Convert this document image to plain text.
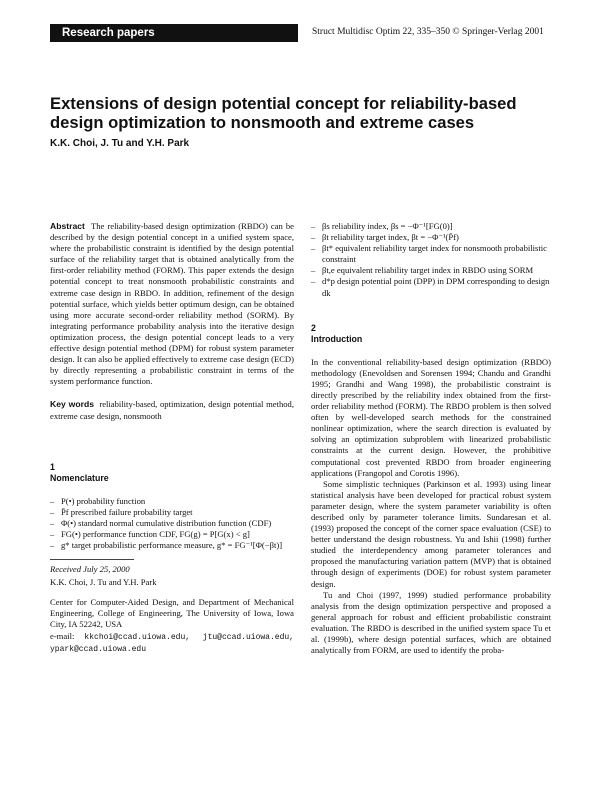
Research papers	Struct Multidisc Optim 22, 335–350 © Springer-Verlag 2001
Extensions of design potential concept for reliability-based design optimization to nonsmooth and extreme cases
K.K. Choi, J. Tu and Y.H. Park

Abstract The reliability-based design optimization (RBDO) can be described by the design potential concept in a unified system space, where the probabilistic constraint is identified by the design potential surface of the reliability target that is obtained analytically from the first-order reliability method (FORM). This paper extends the design potential concept to treat nonsmooth probabilistic constraints and extreme case design in RBDO. In addition, refinement of the design potential surface, which yields better optimum design, can be obtained using more accurate second-order reliability method (SORM). By integrating performance probability analysis into the iterative design optimization process, the design potential concept leads to a very effective design potential method (DPM) for robust system parameter design. It can also be applied effectively to extreme case design (ECD) by directly representing a probabilistic constraint in terms of the system performance function.

Key words reliability-based, optimization, design potential method, extreme case design, nonsmooth

1
Nomenclature
– P(•) probability function
– P̄f prescribed failure probability target
– Φ(•) standard normal cumulative distribution function (CDF)
– FG(•) performance function CDF, FG(g) = P[G(x) < g]
– g* target probabilistic performance measure, g* = FG⁻¹[Φ(−βt)]
Received July 25, 2000
K.K. Choi, J. Tu and Y.H. Park

Center for Computer-Aided Design, and Department of Mechanical Engineering, College of Engineering, The University of Iowa, Iowa City, IA 52242, USA

e-mail: kkchoi@ccad.uiowa.edu, jtu@ccad.uiowa.edu, ypark@ccad.uiowa.edu

– βs reliability index, βs = −Φ⁻¹[FG(0)]
– βt reliability target index, βt = −Φ⁻¹(P̄f)
– βt* equivalent reliability target index for nonsmooth probabilistic constraint
– βt,e equivalent reliability target index in RBDO using SORM
– d*p design potential point (DPP) in DPM corresponding to design dk
2
Introduction

In the conventional reliability-based design optimization (RBDO) methodology (Enevoldsen and Sorensen 1994; Chandu and Grandhi 1995; Grandhi and Wang 1998), the probabilistic constraint is directly prescribed by the reliability index obtained from the first-order reliability method (FORM). The RBDO problem is then solved often by well-developed search methods for the constrained nonlinear optimization, where the search direction is evaluated by solving an optimization subproblem with linearized probabilistic constraints at the current design. However, the prohibitive computational cost prevented RBDO from broader engineering applications (Frangopol and Corotis 1996).

Some simplistic techniques (Parkinson et al. 1993) using linear statistical analysis have been developed for practical robust system parameter design, where the system parameter variability is often described only by parameter tolerance limits. Sundaresan et al. (1993) proposed the concept of the corner space evaluation (CSE) to better understand the design robustness. Yu and Ishii (1998) further studied the interdependency among parameter tolerances and proposed the manufacturing variation pattern (MVP) that is obtained through design of experiments (DOE) for robust system parameter design.

Tu and Choi (1997, 1999) studied performance probability analysis from the design optimization perspective and proposed a general approach for robust and efficient probabilistic constraint evaluation. The RBDO is described in the unified system space Tu et al. (1999b), where design potential surfaces, which are obtained analytically from FORM, are used to identify the proba-
